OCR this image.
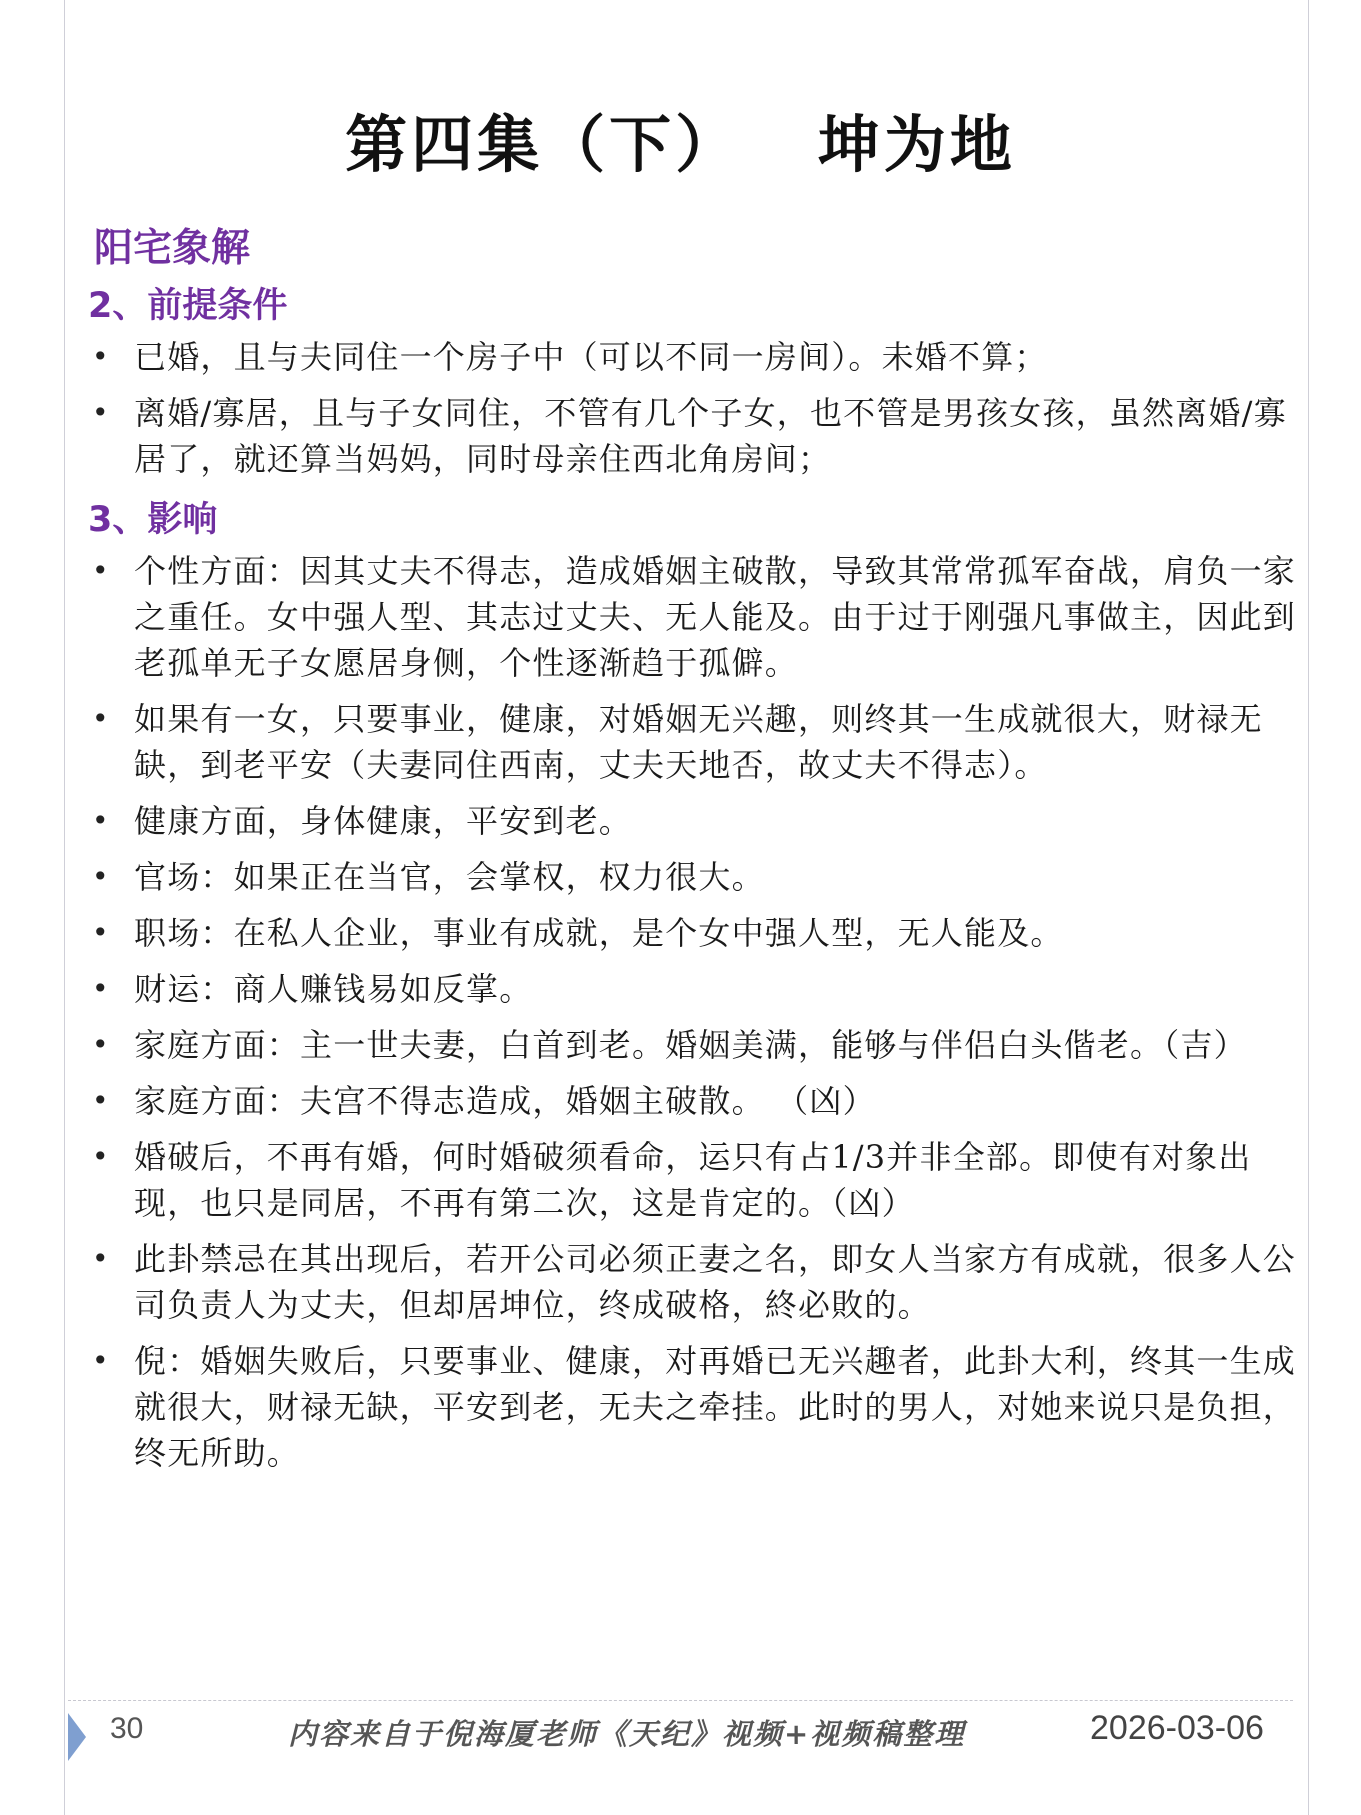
第四集（下）   坤为地
阳宅象解
2、前提条件
• 已婚，且与夫同住一个房子中（可以不同一房间）。未婚不算；
• 离婚/寡居，且与子女同住，不管有几个子女，也不管是男孩女孩，虽然离婚/寡居了，就还算当妈妈，同时母亲住西北角房间；
3、影响
• 个性方面：因其丈夫不得志，造成婚姻主破散，导致其常常孤军奋战，肩负一家之重任。女中强人型、其志过丈夫、无人能及。由于过于刚强凡事做主，因此到老孤单无子女愿居身侧，个性逐渐趋于孤僻。
• 如果有一女，只要事业，健康，对婚姻无兴趣，则终其一生成就很大，财禄无缺，到老平安（夫妻同住西南，丈夫天地否，故丈夫不得志）。
• 健康方面，身体健康，平安到老。
• 官场：如果正在当官，会掌权，权力很大。
• 职场：在私人企业，事业有成就，是个女中强人型，无人能及。
• 财运：商人赚钱易如反掌。
• 家庭方面：主一世夫妻，白首到老。婚姻美满，能够与伴侣白头偕老。（吉）
• 家庭方面：夫宫不得志造成，婚姻主破散。 （凶）
• 婚破后，不再有婚，何时婚破须看命，运只有占1/3并非全部。即使有对象出现，也只是同居，不再有第二次，这是肯定的。（凶）
• 此卦禁忌在其出现后，若开公司必须正妻之名，即女人当家方有成就，很多人公司负责人为丈夫，但却居坤位，终成破格，終必敗的。
• 倪：婚姻失败后，只要事业、健康，对再婚已无兴趣者，此卦大利，终其一生成就很大，财禄无缺，平安到老，无夫之牵挂。此时的男人，对她来说只是负担，终无所助。
30	内容来自于倪海厦老师《天纪》视频+视频稿整理	2026-03-06
